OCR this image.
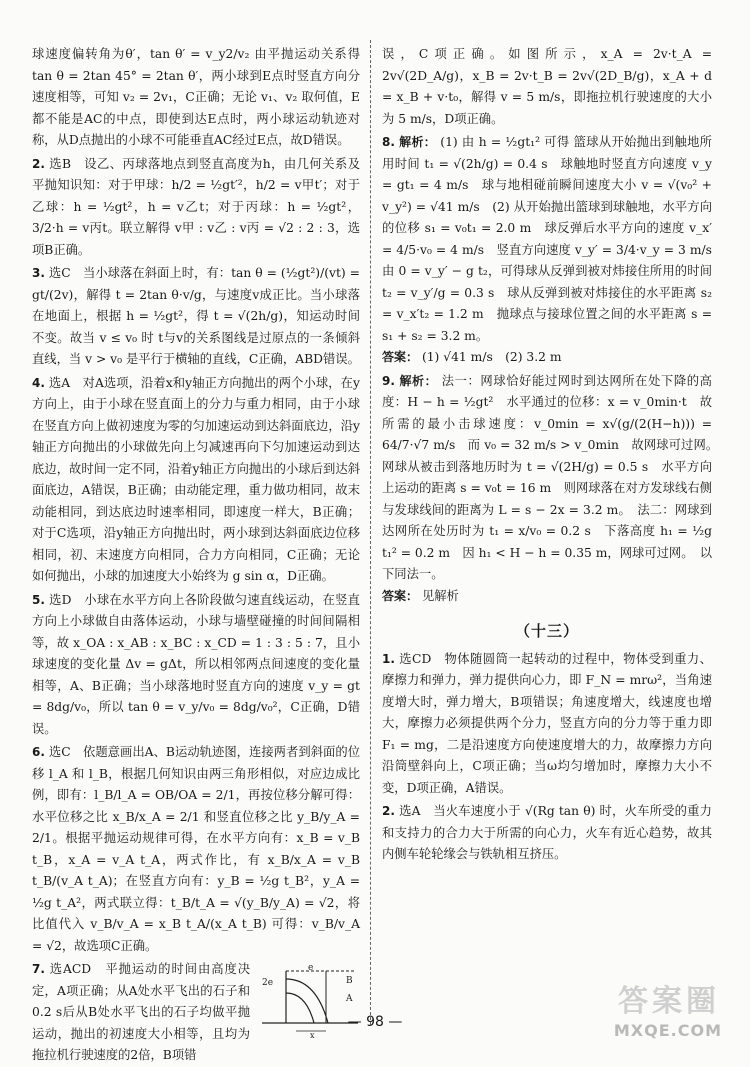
球速度偏转角为θ′，tan θ′ = v_y2/v₂ 由平抛运动关系得 tan θ = 2tan 45° = 2tan θ′，两小球到E点时竖直方向分速度相等，可知 v₂ = 2v₁，C正确；无论 v₁、v₂ 取何值，E都不能是AC的中点，即使到达E点时，两小球运动轨迹对称，从D点抛出的小球不可能垂直AC经过E点，故D错误。

2. 选B　设乙、丙球落地点到竖直高度为h，由几何关系及平抛知识知：对于甲球：h/2 = ½gt′²，h/2 = v甲t′；对于乙球：h = ½gt²，h = v乙t；对于丙球：h = ½gt²，3/2·h = v丙t。联立解得 v甲 : v乙 : v丙 = √2 : 2 : 3，选项B正确。

3. 选C　当小球落在斜面上时，有：tan θ = (½gt²)/(vt) = gt/(2v)，解得 t = 2tan θ·v/g，与速度v成正比。当小球落在地面上，根据 h = ½gt²，得 t = √(2h/g)，知运动时间不变。故当 v ≤ v₀ 时 t与v的关系图线是过原点的一条倾斜直线，当 v > v₀ 是平行于横轴的直线，C正确，ABD错误。

4. 选A　对A选项，沿着x和y轴正方向抛出的两个小球，在y方向上，由于小球在竖直面上的分力与重力相同，由于小球在竖直方向上做初速度为零的匀加速运动到达斜面底边，沿y轴正方向抛出的小球做先向上匀减速再向下匀加速运动到达底边，故时间一定不同，沿着y轴正方向抛出的小球后到达斜面底边，A错误，B正确；由动能定理，重力做功相同，故末动能相同，到达底边时速率相同，即速度一样大，B正确；对于C选项，沿y轴正方向抛出时，两小球到达斜面底边位移相同，初、末速度方向相同，合力方向相同，C正确；无论如何抛出，小球的加速度大小始终为 g sin α，D正确。

5. 选D　小球在水平方向上各阶段做匀速直线运动，在竖直方向上小球做自由落体运动，小球与墙壁碰撞的时间间隔相等，故 x_OA : x_AB : x_BC : x_CD = 1 : 3 : 5 : 7，且小球速度的变化量 Δv = gΔt，所以相邻两点间速度的变化量相等，A、B正确；当小球落地时竖直方向的速度 v_y = gt = 8dg/v₀，所以 tan θ = v_y/v₀ = 8dg/v₀²，C正确，D错误。

6. 选C　依题意画出A、B运动轨迹图，连接两者到斜面的位移 l_A 和 l_B，根据几何知识由两三角形相似，对应边成比例，即有：l_B/l_A = OB/OA = 2/1，再按位移分解可得：水平位移之比 x_B/x_A = 2/1 和竖直位移之比 y_B/y_A = 2/1。根据平抛运动规律可得，在水平方向有：x_B = v_B t_B，x_A = v_A t_A，两式作比，有 x_B/x_A = v_B t_B/(v_A t_A)；在竖直方向有：y_B = ½g t_B²，y_A = ½g t_A²，两式联立得：t_B/t_A = √(y_B/y_A) = √2，将比值代入 v_B/v_A = x_B t_A/(x_A t_B) 可得：v_B/v_A = √2，故选项C正确。

2e
e
B
A
x

7. 选ACD　平抛运动的时间由高度决定，A项正确；从A处水平飞出的石子和0.2 s后从B处水平飞出的石子均做平抛运动，抛出的初速度大小相等，且均为拖拉机行驶速度的2倍，B项错

误，C项正确。如图所示，x_A = 2v·t_A = 2v√(2D_A/g)，x_B = 2v·t_B = 2v√(2D_B/g)，x_A + d = x_B + v·t₀，解得 v = 5 m/s，即拖拉机行驶速度的大小为 5 m/s，D项正确。

8. 解析： (1) 由 h = ½gt₁² 可得 篮球从开始抛出到触地所用时间 t₁ = √(2h/g) = 0.4 s　球触地时竖直方向速度 v_y = gt₁ = 4 m/s　球与地相碰前瞬间速度大小 v = √(v₀² + v_y²) = √41 m/s　(2) 从开始抛出篮球到球触地，水平方向的位移 s₁ = v₀t₁ = 2.0 m　球反弹后水平方向的速度 v_x′ = 4/5·v₀ = 4 m/s　竖直方向速度 v_y′ = 3/4·v_y = 3 m/s　由 0 = v_y′ − g t₂，可得球从反弹到被对炜接住所用的时间 t₂ = v_y′/g = 0.3 s　球从反弹到被对炜接住的水平距离 s₂ = v_x′t₂ = 1.2 m　抛球点与接球位置之间的水平距离 s = s₁ + s₂ = 3.2 m。

答案： (1) √41 m/s　(2) 3.2 m

9. 解析： 法一：网球恰好能过网时到达网所在处下降的高度：H − h = ½gt²　水平通过的位移：x = v_0min·t　故所需的最小击球速度：v_0min = x√(g/(2(H−h))) = 64/7·√7 m/s　而 v₀ = 32 m/s > v_0min　故网球可过网。　网球从被击到落地历时为 t = √(2H/g) = 0.5 s　水平方向上运动的距离 s = v₀t = 16 m　则网球落在对方发球线右侧与发球线间的距离为 L = s − 2x = 3.2 m。　法二：网球到达网所在处历时为 t₁ = x/v₀ = 0.2 s　下落高度 h₁ = ½g t₁² = 0.2 m　因 h₁ < H − h = 0.35 m，网球可过网。　以下同法一。

答案： 见解析

（十三）

1. 选CD　物体随圆筒一起转动的过程中，物体受到重力、摩擦力和弹力，弹力提供向心力，即 F_N = mrω²，当角速度增大时，弹力增大，B项错误；角速度增大，线速度也增大，摩擦力必须提供两个分力，竖直方向的分力等于重力即 F₁ = mg，二是沿速度方向使速度增大的力，故摩擦力方向沿筒壁斜向上，C项正确；当ω均匀增加时，摩擦力大小不变，D项正确，A错误。

2. 选A　当火车速度小于 √(Rg tan θ) 时，火车所受的重力和支持力的合力大于所需的向心力，火车有近心趋势，故其内侧车轮轮缘会与铁轨相互挤压。

— 98 —
答案圈
MXQE.COM
